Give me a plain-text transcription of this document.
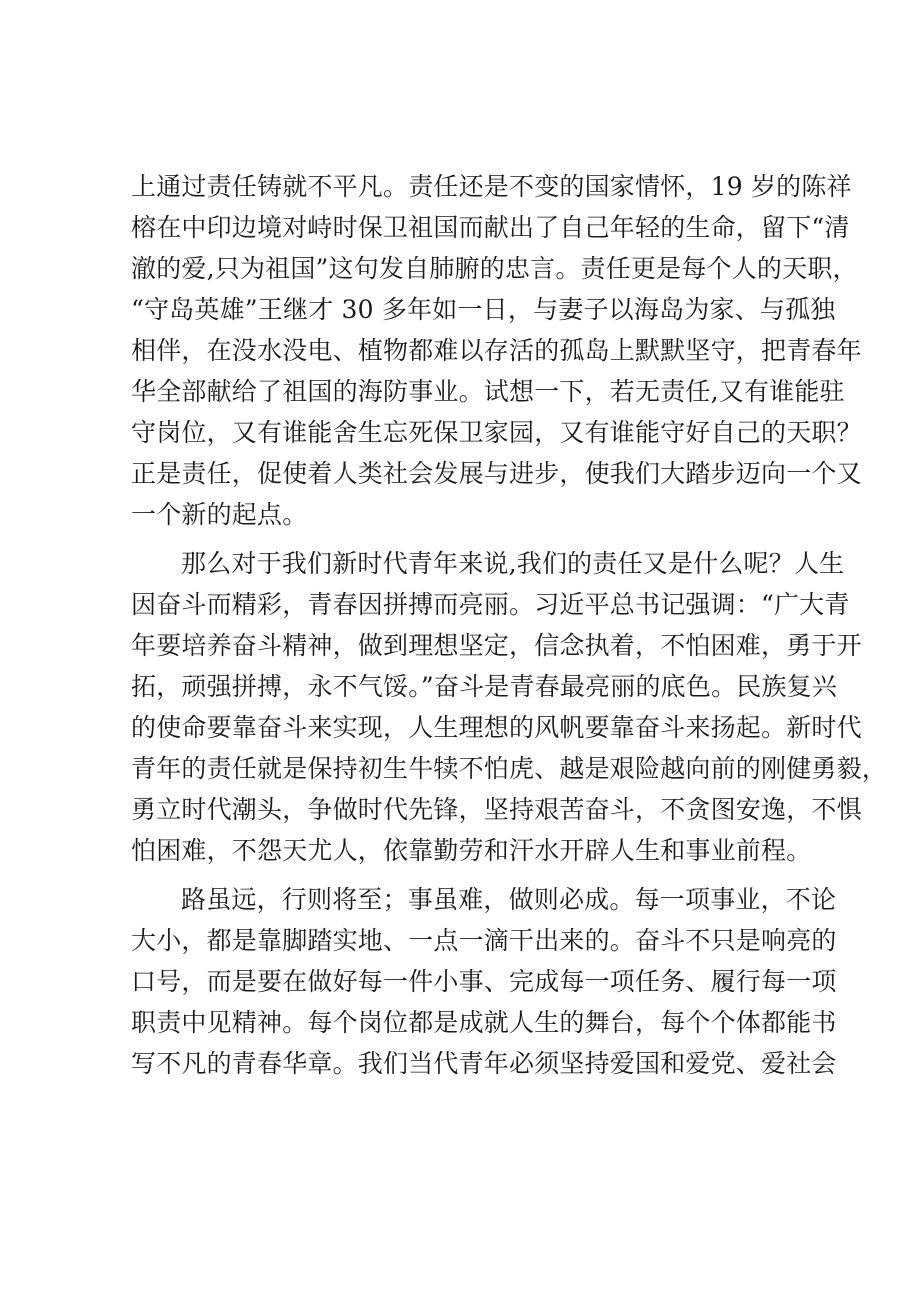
上通过责任铸就不平凡。责任还是不变的国家情怀，19 岁的陈祥
榕在中印边境对峙时保卫祖国而献出了自己年轻的生命，留下“清
澈的爱,只为祖国”这句发自肺腑的忠言。责任更是每个人的天职，
“守岛英雄”王继才 30 多年如一日，与妻子以海岛为家、与孤独
相伴，在没水没电、植物都难以存活的孤岛上默默坚守，把青春年
华全部献给了祖国的海防事业。试想一下，若无责任,又有谁能驻
守岗位，又有谁能舍生忘死保卫家园，又有谁能守好自己的天职？
正是责任，促使着人类社会发展与进步，使我们大踏步迈向一个又
一个新的起点。
那么对于我们新时代青年来说,我们的责任又是什么呢？人生
因奋斗而精彩，青春因拼搏而亮丽。习近平总书记强调：“广大青
年要培养奋斗精神，做到理想坚定，信念执着，不怕困难，勇于开
拓，顽强拼搏，永不气馁。”奋斗是青春最亮丽的底色。民族复兴
的使命要靠奋斗来实现，人生理想的风帆要靠奋斗来扬起。新时代
青年的责任就是保持初生牛犊不怕虎、越是艰险越向前的刚健勇毅，
勇立时代潮头，争做时代先锋，坚持艰苦奋斗，不贪图安逸，不惧
怕困难，不怨天尤人，依靠勤劳和汗水开辟人生和事业前程。
路虽远，行则将至；事虽难，做则必成。每一项事业，不论
大小，都是靠脚踏实地、一点一滴干出来的。奋斗不只是响亮的
口号，而是要在做好每一件小事、完成每一项任务、履行每一项
职责中见精神。每个岗位都是成就人生的舞台，每个个体都能书
写不凡的青春华章。我们当代青年必须坚持爱国和爱党、爱社会
